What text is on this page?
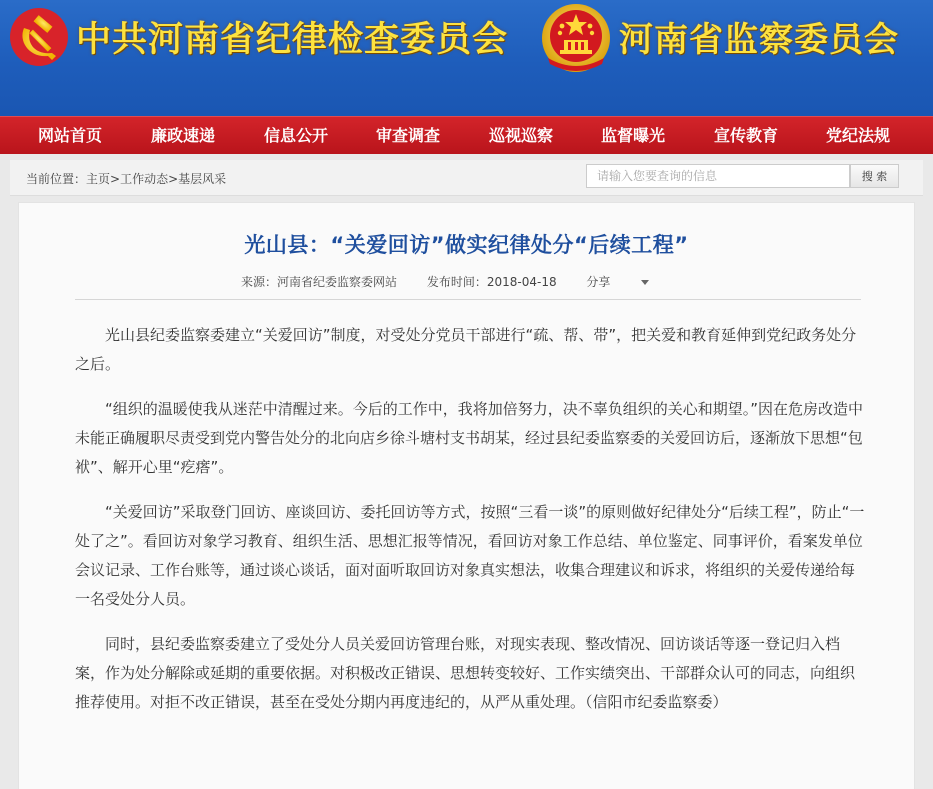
中共河南省纪律检查委员会	河南省监察委员会
网站首页	廉政速递	信息公开	审查调查	巡视巡察	监督曝光	宣传教育	党纪法规
当前位置：主页>工作动态>基层风采
请输入您要查询的信息	搜 索
光山县：“关爱回访”做实纪律处分“后续工程”
来源：河南省纪委监察委网站 发布时间：2018-04-18 分享

光山县纪委监察委建立“关爱回访”制度，对受处分党员干部进行“疏、帮、带”，把关爱和教育延伸到党纪政务处分之后。

“组织的温暖使我从迷茫中清醒过来。今后的工作中，我将加倍努力，决不辜负组织的关心和期望。”因在危房改造中未能正确履职尽责受到党内警告处分的北向店乡徐斗塘村支书胡某，经过县纪委监察委的关爱回访后，逐渐放下思想“包袱”、解开心里“疙瘩”。

“关爱回访”采取登门回访、座谈回访、委托回访等方式，按照“三看一谈”的原则做好纪律处分“后续工程”，防止“一处了之”。看回访对象学习教育、组织生活、思想汇报等情况，看回访对象工作总结、单位鉴定、同事评价，看案发单位会议记录、工作台账等，通过谈心谈话，面对面听取回访对象真实想法，收集合理建议和诉求，将组织的关爱传递给每一名受处分人员。

同时，县纪委监察委建立了受处分人员关爱回访管理台账，对现实表现、整改情况、回访谈话等逐一登记归入档案，作为处分解除或延期的重要依据。对积极改正错误、思想转变较好、工作实绩突出、干部群众认可的同志，向组织推荐使用。对拒不改正错误，甚至在受处分期内再度违纪的，从严从重处理。（信阳市纪委监察委）
